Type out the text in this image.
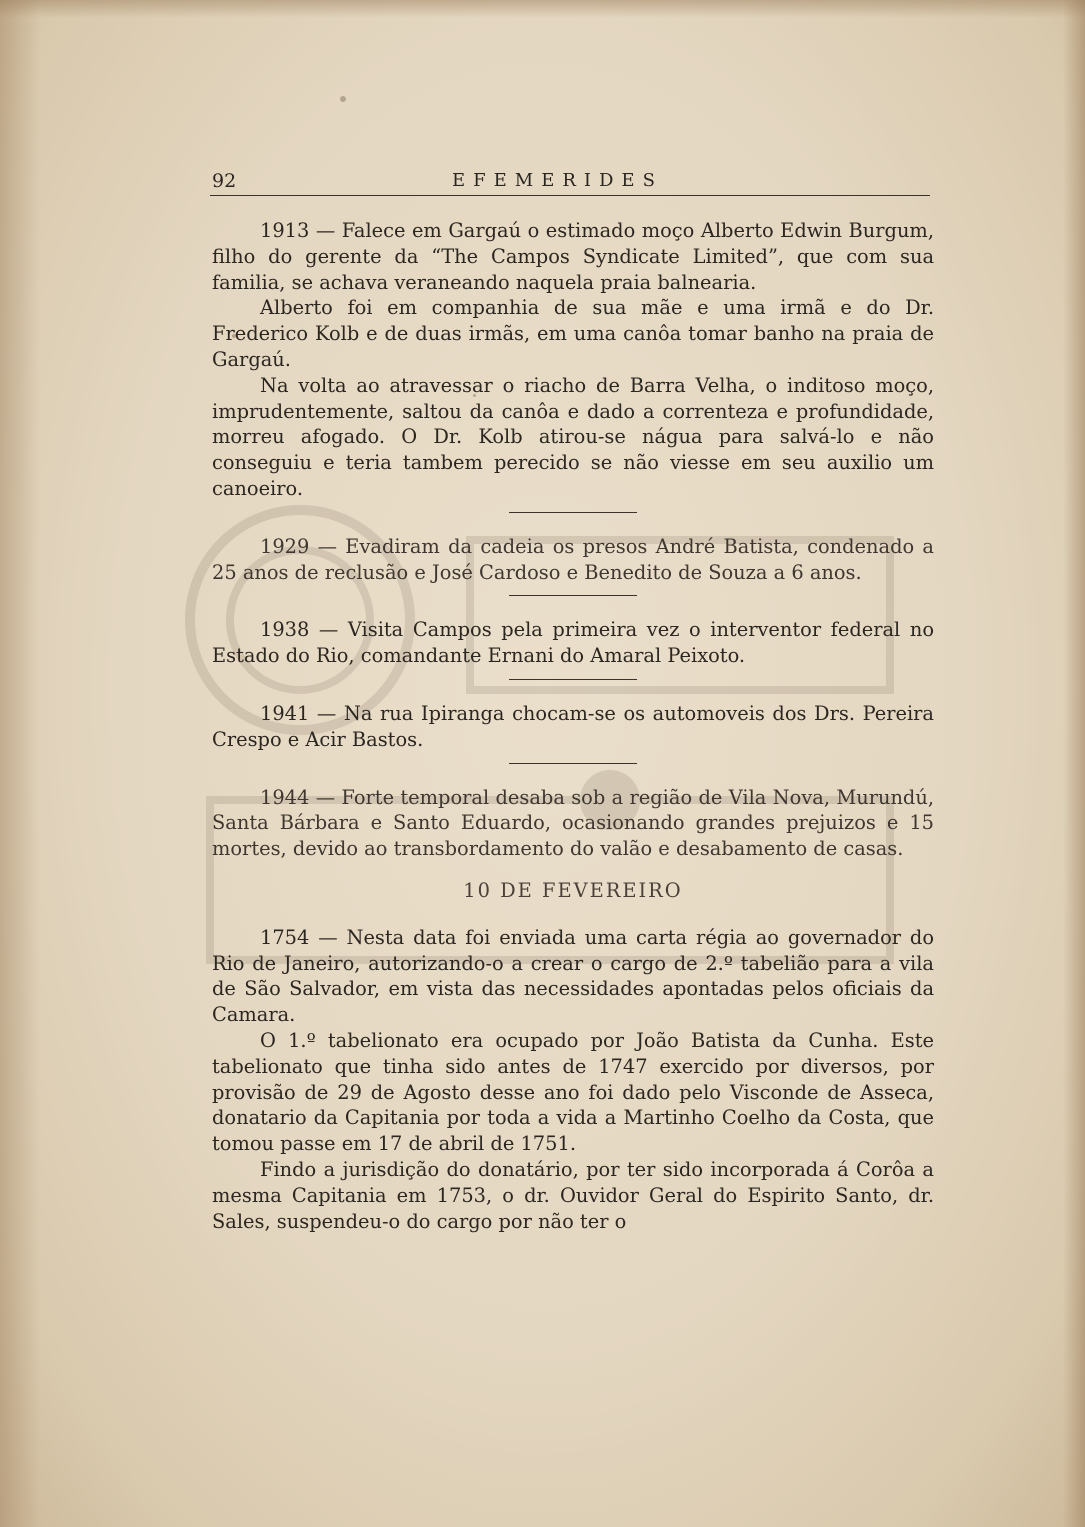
92	EFEMERIDES

1913 — Falece em Gargaú o estimado moço Alberto Edwin Burgum, filho do gerente da “The Campos Syndicate Limited”, que com sua familia, se achava veraneando naquela praia balnearia.

Alberto foi em companhia de sua mãe e uma irmã e do Dr. Frederico Kolb e de duas irmãs, em uma canôa tomar banho na praia de Gargaú.

Na volta ao atravessar o riacho de Barra Velha, o inditoso moço, imprudentemente, saltou da canôa e dado a correnteza e profundidade, morreu afogado. O Dr. Kolb atirou-se nágua para salvá-lo e não conseguiu e teria tambem perecido se não viesse em seu auxilio um canoeiro.

1929 — Evadiram da cadeia os presos André Batista, condenado a 25 anos de reclusão e José Cardoso e Benedito de Souza a 6 anos.

1938 — Visita Campos pela primeira vez o interventor federal no Estado do Rio, comandante Ernani do Amaral Peixoto.

1941 — Na rua Ipiranga chocam-se os automoveis dos Drs. Pereira Crespo e Acir Bastos.

1944 — Forte temporal desaba sob a região de Vila Nova, Murundú, Santa Bárbara e Santo Eduardo, ocasionando grandes prejuizos e 15 mortes, devido ao transbordamento do valão e desabamento de casas.

10 DE FEVEREIRO

1754 — Nesta data foi enviada uma carta régia ao governador do Rio de Janeiro, autorizando-o a crear o cargo de 2.º tabelião para a vila de São Salvador, em vista das necessidades apontadas pelos oficiais da Camara.

O 1.º tabelionato era ocupado por João Batista da Cunha. Este tabelionato que tinha sido antes de 1747 exercido por diversos, por provisão de 29 de Agosto desse ano foi dado pelo Visconde de Asseca, donatario da Capitania por toda a vida a Martinho Coelho da Costa, que tomou passe em 17 de abril de 1751.

Findo a jurisdição do donatário, por ter sido incorporada á Corôa a mesma Capitania em 1753, o dr. Ouvidor Geral do Espirito Santo, dr. Sales, suspendeu-o do cargo por não ter o
